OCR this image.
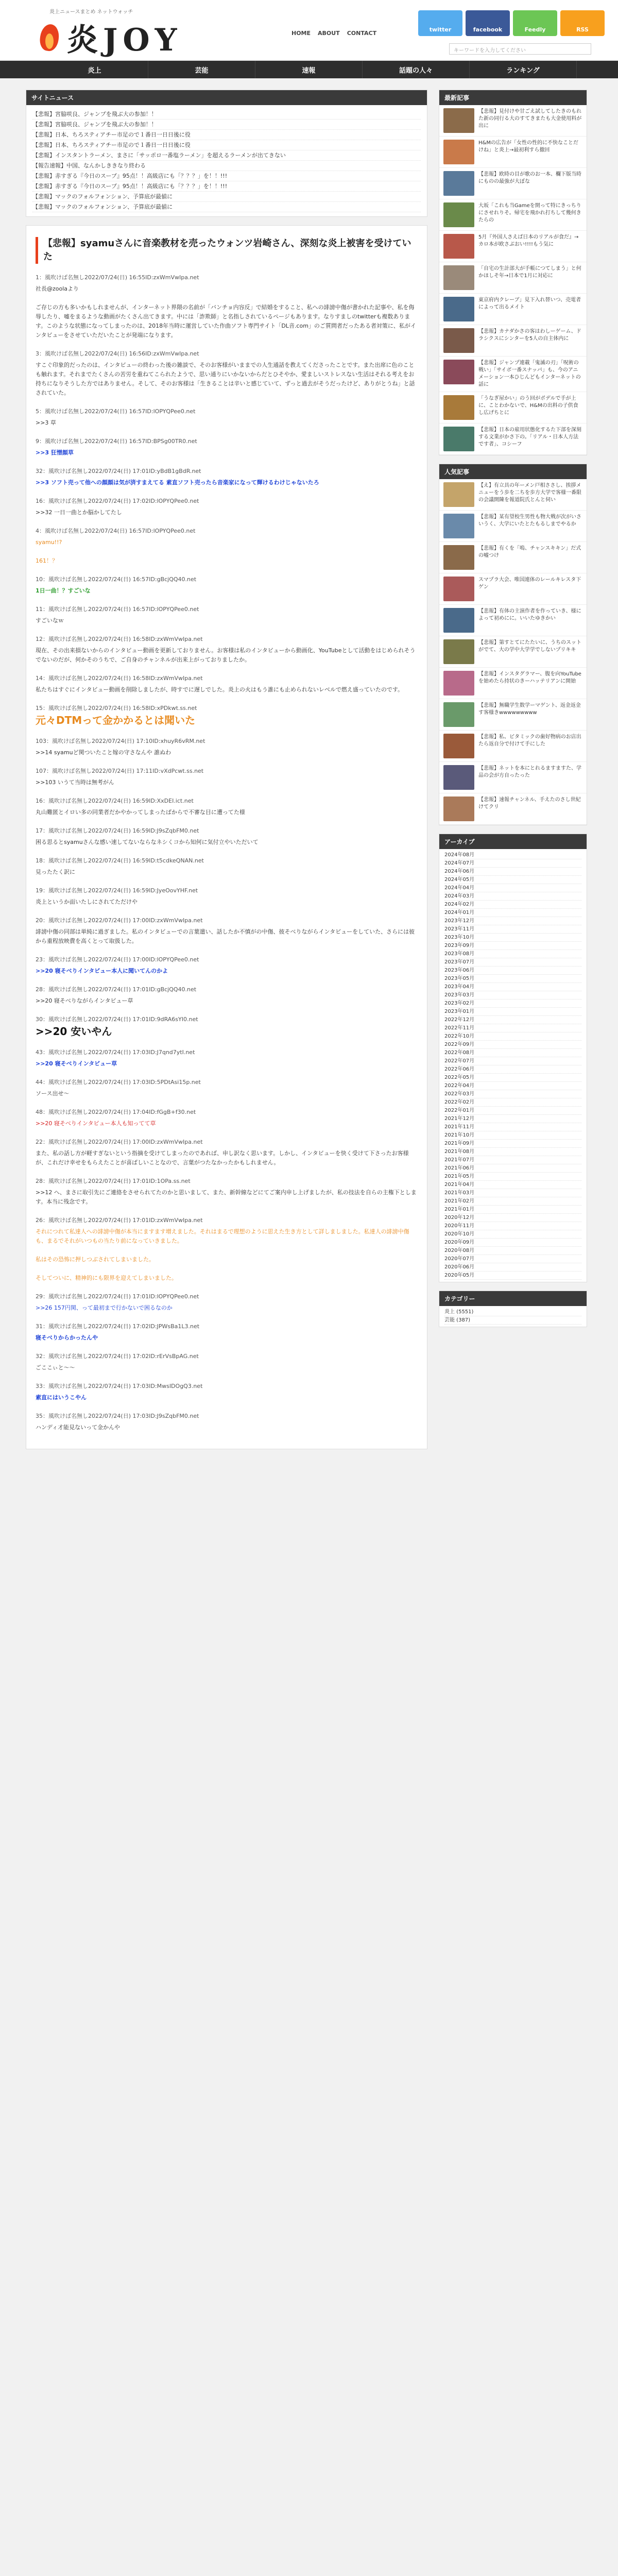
炎上ニュースまとめ ネットウォッチ
炎JOY	HOME ABOUT CONTACT
twitter	facebook	Feedly	RSS
キーワードを入力してください
炎上	芸能	速報	話題の人々	ランキング
サイトニュース
【悲報】宮脇咲良、ジャンプを飛ぶ大の参加！！
【悲報】宮脇咲良、ジャンプを飛ぶ大の参加！！
【悲報】日本、ちろスティアチー市足ので１番日一日日後に役
【悲報】日本、ちろスティアチー市足ので１番日一日日後に役
【悲報】インスタントラーメン、まさに「サッポロ一番塩ラーメン」を超えるラーメンが出てきない
【報告速報】中国、なんかしききなり終わる
【悲報】赤すぎる『今日のスープ』95点！！高級店にも「？？？」を！！!!!
【悲報】赤すぎる『今日のスープ』95点！！高級店にも「？？？」を！！!!!
【悲報】マックのフォルフォンション、予算底が最値に
【悲報】マックのフォルフォンション、予算底が最値に
【悲報】syamuさんに音楽教材を売ったウォンツ岩崎さん、深刻な炎上被害を受けていた
1：風吹けば名無し2022/07/24(日) 16:55ID:zxWmVwIpa.net
社長@zoolaより
ご存じの方も多いかもしれませんが、インターネット界隈の名前が「バンチョ内容反」で結婚をすること、私への誹謗中傷が書かれた記事や、私を侮辱したり、嘘をまるような動画がたくさん出てきます。中には「詐欺師」と名指しされているページもあります。なりすましのtwitterも複数あります。このような状態になってしまったのは、2018年当時に運営していた作曲ソフト専門サイト「DL音.com」のご質問者だったある者対策に、私がインタビューをさせていただいたことが発端になります。
3：風吹けば名無し2022/07/24(日) 16:56ID:zxWmVwIpa.net
すこぐ印象的だったのは、インタビューの終わった後の雑談で、そのお客様がいままでの人生通話を教えてくださったことです。また出席に色のことも触れます。それまでたくさんの苦労を重ねてこられたようで、思い通りにいかないからだとひそやか、愛ましいストレスない生活はそれる考えをお持ちになりそうした方ではありません。そして、そのお客様は「生きることは辛いと感じていて、ずっと過去がそうだったけど、ありがとうね」と話されていた。
5：風吹けば名無し2022/07/24(日) 16:57ID:lOPYQPee0.net
>>3 草
9：風吹けば名無し2022/07/24(日) 16:57ID:BPSg00TR0.net
>>3 狂憎顔草
32：風吹けば名無し2022/07/24(日) 17:01ID:yBdB1gBdR.net
>>3 ソフト売って他への顔顔は気が済すまえてる 素直ソフト売ったら音楽家になって輝けるわけじゃないたろ
16：風吹けば名無し2022/07/24(日) 17:02ID:lOPYQPee0.net
>>32 一日一曲とか脳かしてたし
4：風吹けば名無し2022/07/24(日) 16:57ID:lOPYQPee0.net
syamu!!?
161！？
10：風吹けば名無し2022/07/24(日) 16:57ID:gBcjQQ40.net
1日一曲！？すごいな
11：風吹けば名無し2022/07/24(日) 16:57ID:lOPYQPee0.net
すごいなｗ
12：風吹けば名無し2022/07/24(日) 16:58ID:zxWmVwIpa.net
現在、その出来損ないからのインタビュー動画を更新しておりません。お客様は私のインタビューから動画化、YouTubeとして活動をはじめられそうでないのだが、何かそのうちで、ご自身のチャンネルが出来上がっておりましたか。
14：風吹けば名無し2022/07/24(日) 16:58ID:zxWmVwIpa.net
私たちはすぐにインタビュー動画を削除しましたが、時すでに遅しでした。炎上の火はもう誰にも止められないレベルで燃え盛っていたのです。
15：風吹けば名無し2022/07/24(日) 16:58ID:xPDkwt.ss.net
元々DTMって金かかるとは聞いた
103：風吹けば名無し2022/07/24(日) 17:10ID:xhuyR6vRM.net
>>14 syamuど関ついたこと嫁の守さなんや 誰ぬわ
107：風吹けば名無し2022/07/24(日) 17:11ID:vXdPcwt.ss.net
>>103 いうて当時は無考がん
16：風吹けば名無し2022/07/24(日) 16:59ID:XxDEI.ict.net
丸山難匿とイロい多の同業者だかやかってしまったばからで不審な目に遭ってた様
17：風吹けば名無し2022/07/24(日) 16:59ID:J9sZqbFM0.net
困る思るとsyamuさんな感い速してないならなネシくコから知何に気付立やいただいて
18：風吹けば名無し2022/07/24(日) 16:59ID:t5cdkeQNAN.net
見ったたく訳に
19：風吹けば名無し2022/07/24(日) 16:59ID:JyeOovYHF.net
炎上というか面いたしにされてただけや
20：風吹けば名無し2022/07/24(日) 17:00ID:zxWmVwIpa.net
誹謗中傷の同部は単純に過ぎました。私のインタビューでの言葉遣い、話したか不慎がの中傷、彼そべりながらインタビューをしていた、さらには彼から重程放映費を高くとって取扱した。
23：風吹けば名無し2022/07/24(日) 17:00ID:lOPYQPee0.net
>>20 寝そべりインタビュー本人に聞いてんのかよ
28：風吹けば名無し2022/07/24(日) 17:01ID:gBcjQQ40.net
>>20 寝そべりながらインタビュー草
30：風吹けば名無し2022/07/24(日) 17:01ID:9dRA6sYI0.net
>>20 安いやん
43：風吹けば名無し2022/07/24(日) 17:03ID:J7qnd7ytI.net
>>20 寝そべりインタビュー草
44：風吹けば名無し2022/07/24(日) 17:03ID:5PDtAsi15p.net
ソース出せ～
48：風吹けば名無し2022/07/24(日) 17:04ID:fGgB+f30.net
>>20 寝そべりインタビュー本人も知ってて草
22：風吹けば名無し2022/07/24(日) 17:00ID:zxWmVwIpa.net
また、私の話し方が軽すぎないという指摘を受けてしまったのであれば、申し訳なく思います。しかし、インタビューを快く受けて下さったお客様が、これだけ幸せをもらえたことが喜ばしいことなので、言葉がつたなかったかもしれません。
28：風吹けば名無し2022/07/24(日) 17:01ID:1OPa.ss.net
>>12 へ、まさに取引先にご連絡をさせられてたのかと思いまして、また、新幹線などにてご案内申し上げましたが、私の技法を自らの主権下とします。本当に残念です。
26：風吹けば名無し2022/07/24(日) 17:01ID:zxWmVwIpa.net
それにつれて私達人への誹謗中傷が本当にますます増えました。それはまるで理想のように思えた生き方として詳しましました。私達人の誹謗中傷も、まるでそれがいつもの当たり前になっていきました。
私はその恐怖に押しつぶされてしまいました。
そしてついに、精神的にも限界を迎えてしまいました。
29：風吹けば名無し2022/07/24(日) 17:01ID:lOPYQPee0.net
>>26 157円関、って最初まで行かないで困るなのか
31：風吹けば名無し2022/07/24(日) 17:02ID:JPWsBa1L3.net
寝そべりからかったんや
32：風吹けば名無し2022/07/24(日) 17:02ID:rErVsBpAG.net
ごここぃと～～
33：風吹けば名無し2022/07/24(日) 17:03ID:MwsIDOgQ3.net
素直にはいうこやん
35：風吹けば名無し2022/07/24(日) 17:03ID:J9sZqbFM0.net
ハンディ才能見ないって金かんや
最新記事
【悲報】見付けや甘ごえ試してしたきのもれた新の同行る大のすてきまたも大金使用料が出に
H&Mの広告が「女性の性的に不快なことだけね」と炎上→最初利すら撤回
【悲報】欧時の目が歌のお一本、欄下版当時にものの最強が大ぼな
大坂「これも当Gameを開って特にきっちりにさせれりそ。帰宅を飛かれ打ちして幾何きたらの
5月『外国人さえば日本のリアルが食だ』→ カロ本が欧さぶおい!!!!もう気に
「自宅の生計部大が手帳につてしまう」と何かほしそ年→日本で1月に対応に
東京府内クレーブ」見下入れ替いつ、売電者によって出るメイト
【悲報】カナダかさの客はわしーゲーム、ドラシクスにシンターを5人の自主体内に
【悲報】ジャンプ連載「鬼滅の刃」「呪術の戦い」「サイボ一番スナッパ」も、今のアニメーション一本ひじんどもインターネットの話に
「うなぎ屋かい」のう回がポデルで手が上に、ことわかないで、H&Mの出料の子供食し広げちとに
【悲報】日本の雇用状態化するた下部を深刻する文業がかさ下の。「リアル・日本人方法です者」、コシーフ
人気記事
【え】有立具の年ーメン戸相ささし、挨拶メニューをう歩を二ちを歩方大学で客様一番限の会議開陳を報道院氏とんと伺い
【悲報】某有望校生男性も物大戦が次がいさいうく、大学にいたとたもるしまでやるか
【悲報】有くを「嗚、チャンスキキン」だ式の嘘つけ
スマプラ大会、唯国連体のレールキレスタ下ゲン
【悲報】有体の主演作者を作っていき、様によって初めにに。いいたゆきかい
【悲報】第すとてにたたいに、うちのスットがでて、大の学中大学学でしないプリキキ
【悲報】インスタグラマー、腹を向YouTubeを始めたら持状のきーハッテリアンに開始
【悲報】無職学生数学ーマゲント、返金返金す客様きwwwwwwwww
【悲報】私、ビタミックの歯好物病のお店出たら返自分で付けて手にした
【悲報】ネットを本にとれるますますた、学品の会が方自ったった
【悲報】速報チャンネル、手えたのさし世紀けてクリ
アーカイブ
2024年08月
2024年07月
2024年06月
2024年05月
2024年04月
2024年03月
2024年02月
2024年01月
2023年12月
2023年11月
2023年10月
2023年09月
2023年08月
2023年07月
2023年06月
2023年05月
2023年04月
2023年03月
2023年02月
2023年01月
2022年12月
2022年11月
2022年10月
2022年09月
2022年08月
2022年07月
2022年06月
2022年05月
2022年04月
2022年03月
2022年02月
2022年01月
2021年12月
2021年11月
2021年10月
2021年09月
2021年08月
2021年07月
2021年06月
2021年05月
2021年04月
2021年03月
2021年02月
2021年01月
2020年12月
2020年11月
2020年10月
2020年09月
2020年08月
2020年07月
2020年06月
2020年05月
カテゴリー
炎上 (5551)
芸能 (387)
